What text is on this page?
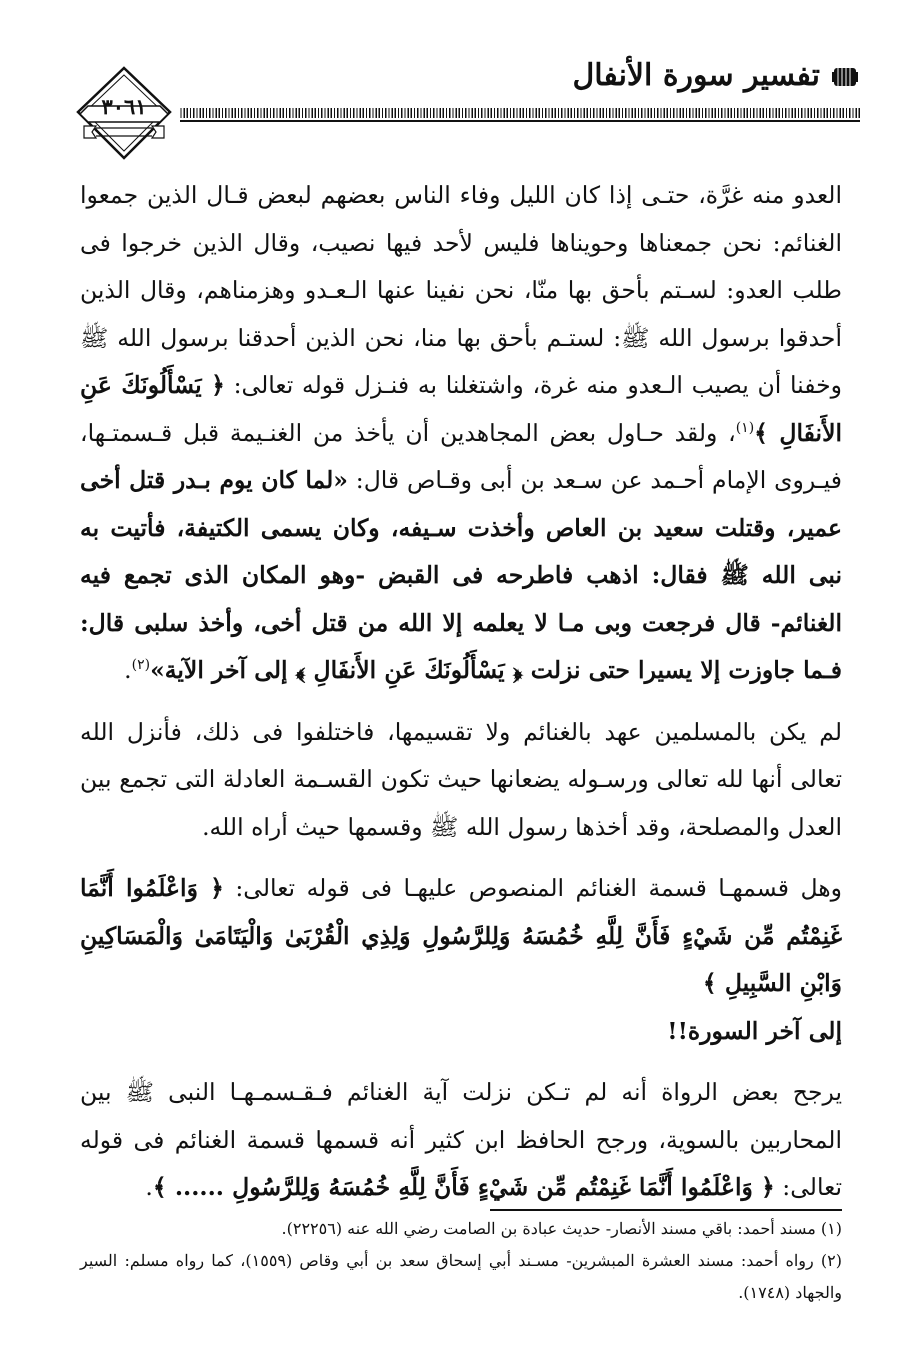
تفسير سورة الأنفال
٣٠٦١

العدو منه غرَّة، حتـى إذا كان الليل وفاء الناس بعضهم لبعض قـال الذين جمعوا الغنائم: نحن جمعناها وحويناها فليس لأحد فيها نصيب، وقال الذين خرجوا فى طلب العدو: لسـتم بأحق بها منّا، نحن نفينا عنها الـعـدو وهزمناهم، وقال الذين أحدقوا برسول الله ﷺ: لستـم بأحق بها منا، نحن الذين أحدقنا برسول الله ﷺ وخفنا أن يصيب الـعدو منه غرة، واشتغلنا به فنـزل قوله تعالى: ﴿ يَسْأَلُونَكَ عَنِ الأَنفَالِ ﴾$^{(١)}$، ولقد حـاول بعض المجاهدين أن يأخذ من الغنـيمة قبل قـسمتـها، فيـروى الإمام أحـمد عن سـعد بن أبى وقـاص قال: «لما كان يوم بـدر قتل أخى عمير، وقتلت سعيد بن العاص وأخذت سـيفه، وكان يسمى الكتيفة، فأتيت به نبى الله ﷺ فقال: اذهب فاطرحه فى القبض -وهو المكان الذى تجمع فيه الغنائم- قال فرجعت وبى مـا لا يعلمه إلا الله من قتل أخى، وأخذ سلبى قال: فـما جاوزت إلا يسيرا حتى نزلت ﴿ يَسْأَلُونَكَ عَنِ الأَنفَالِ ﴾ إلى آخر الآية»$^{(٢)}$.

لم يكن بالمسلمين عهد بالغنائم ولا تقسيمها، فاختلفوا فى ذلك، فأنزل الله تعالى أنها لله تعالى ورسـوله يضعانها حيث تكون القسـمة العادلة التى تجمع بين العدل والمصلحة، وقد أخذها رسول الله ﷺ وقسمها حيث أراه الله.

وهل قسمهـا قسمة الغنائم المنصوص عليهـا فى قوله تعالى: ﴿ وَاعْلَمُوا أَنَّمَا غَنِمْتُم مِّن شَيْءٍ فَأَنَّ لِلَّهِ خُمُسَهُ وَلِلرَّسُولِ وَلِذِي الْقُرْبَىٰ وَالْيَتَامَىٰ وَالْمَسَاكِينِ وَابْنِ السَّبِيلِ ﴾
إلى آخر السورة!!

يرجح بعض الرواة أنه لم تـكن نزلت آية الغنائم فـقـسمـهـا النبى ﷺ بين المحاربين بالسوية، ورجح الحافظ ابن كثير أنه قسمها قسمة الغنائم فى قوله تعالى: ﴿ وَاعْلَمُوا أَنَّمَا غَنِمْتُم مِّن شَيْءٍ فَأَنَّ لِلَّهِ خُمُسَهُ وَلِلرَّسُولِ ...... ﴾.

(١) مسند أحمد: باقي مسند الأنصار- حديث عبادة بن الصامت رضي الله عنه (٢٢٢٥٦).

(٢) رواه أحمد: مسند العشرة المبشرين- مسـند أبي إسحاق سعد بن أبي وقاص (١٥٥٩)، كما رواه مسلم: السير والجهاد (١٧٤٨).
